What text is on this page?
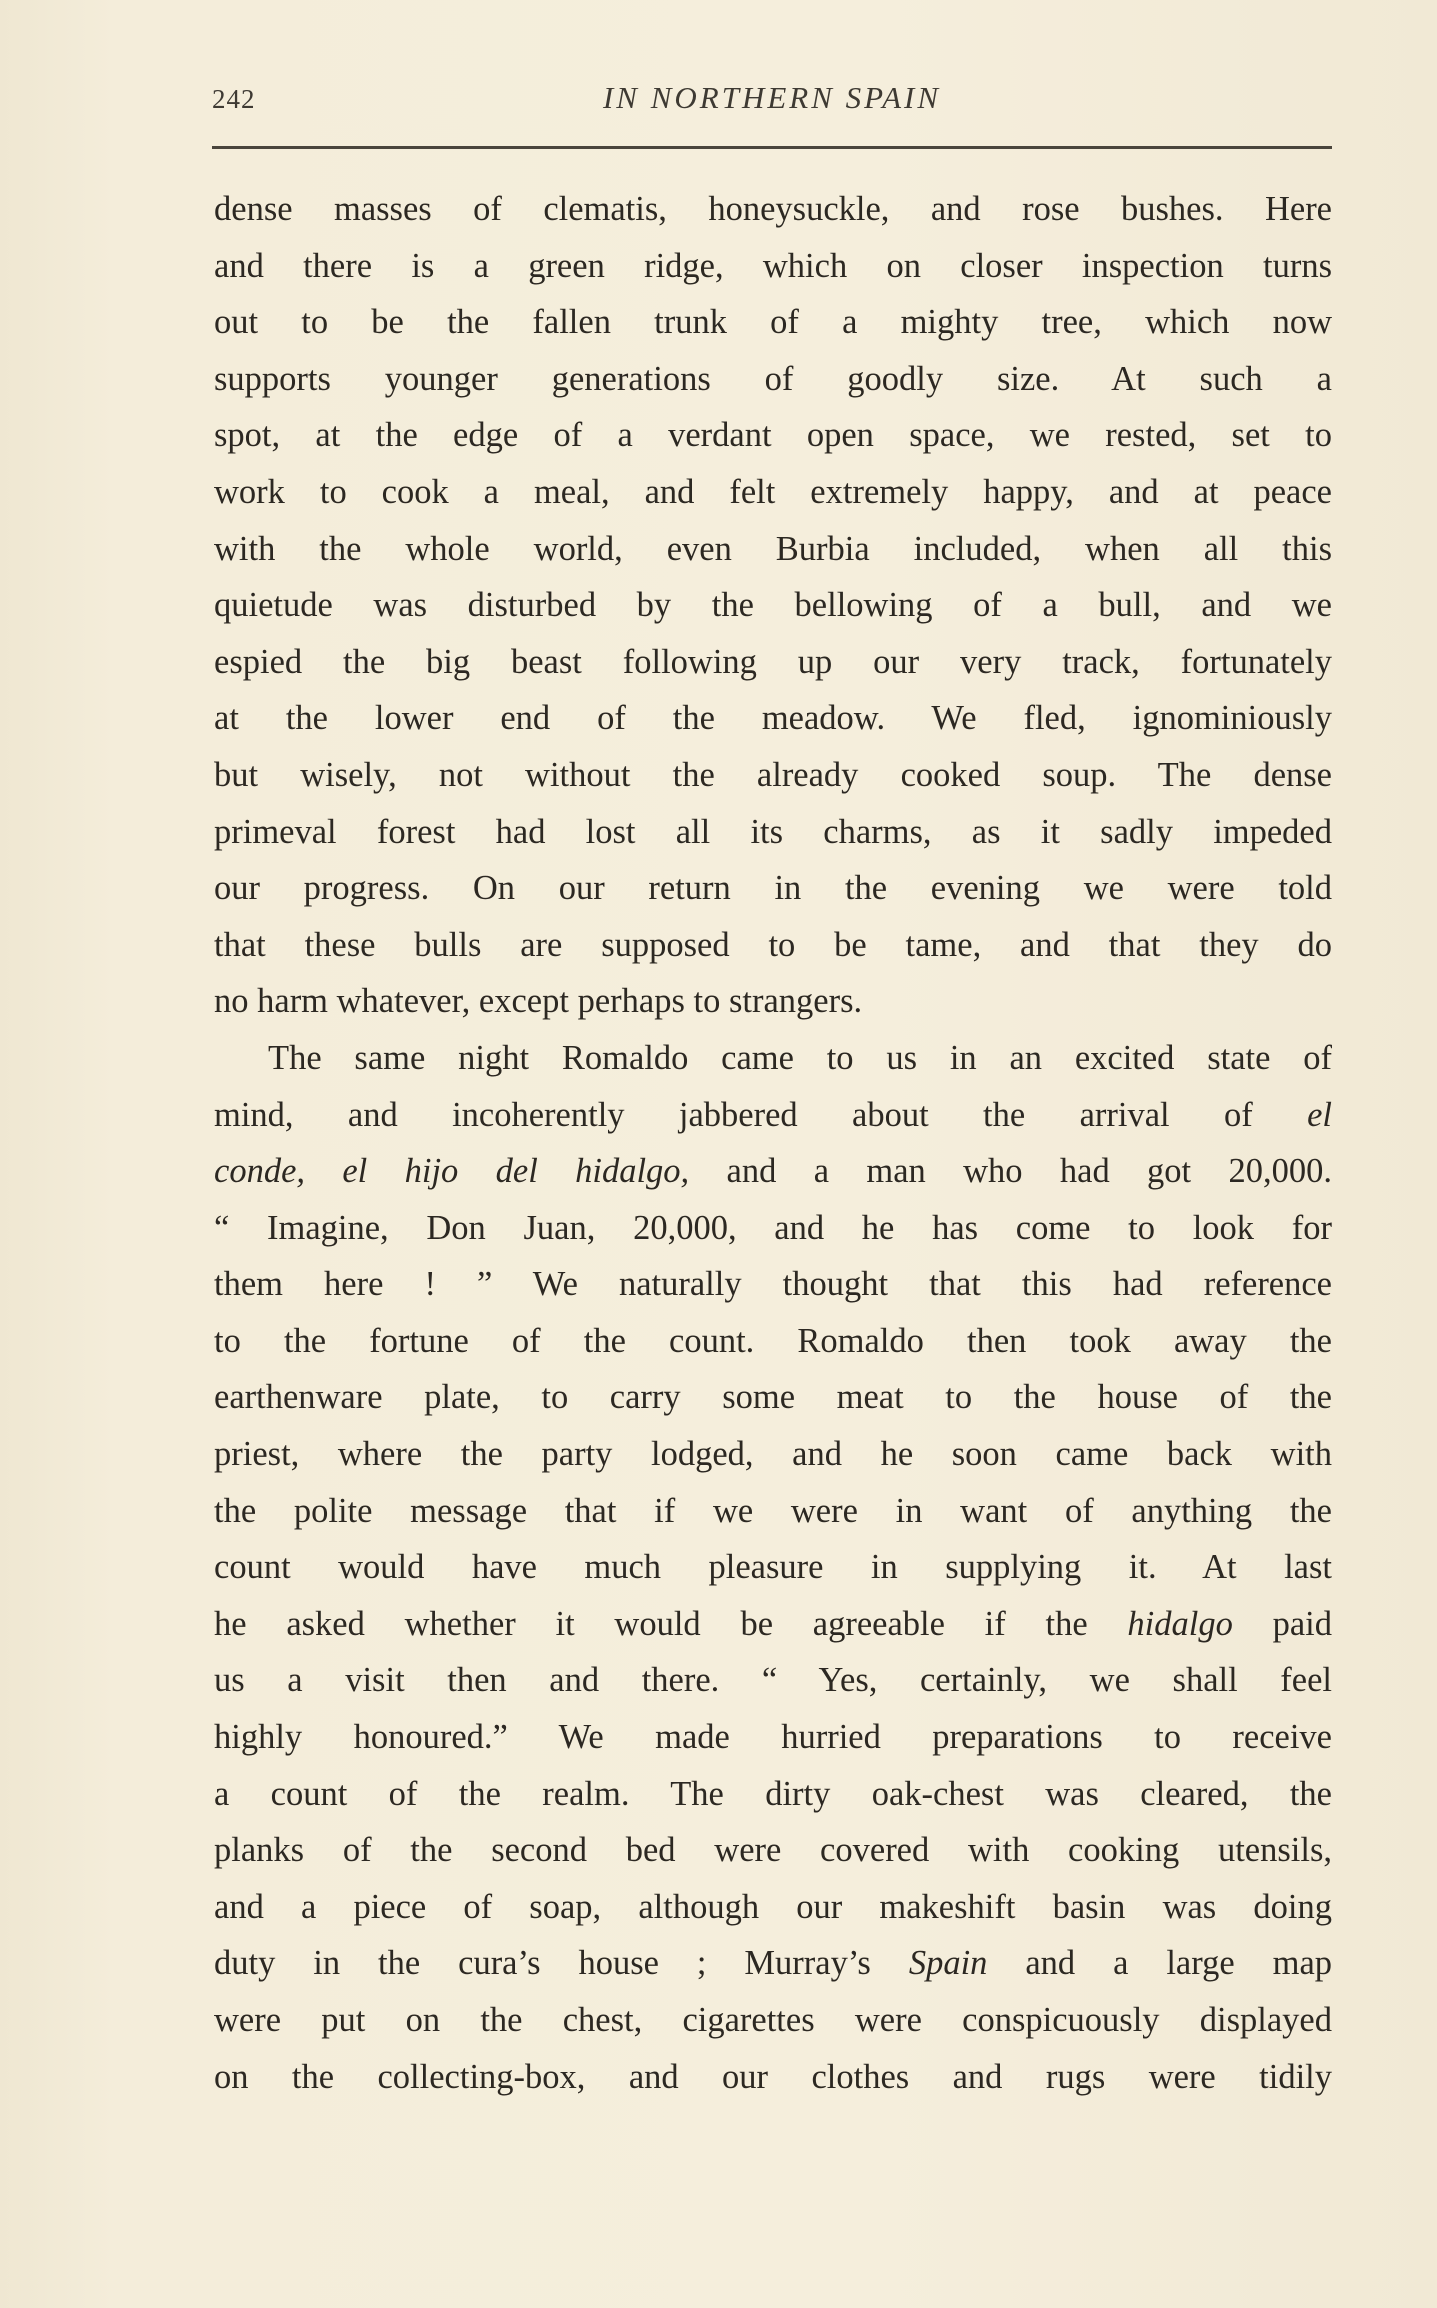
242	IN NORTHERN SPAIN
dense masses of clematis, honeysuckle, and rose bushes. Here
and there is a green ridge, which on closer inspection turns
out to be the fallen trunk of a mighty tree, which now
supports younger generations of goodly size. At such a
spot, at the edge of a verdant open space, we rested, set to
work to cook a meal, and felt extremely happy, and at peace
with the whole world, even Burbia included, when all this
quietude was disturbed by the bellowing of a bull, and we
espied the big beast following up our very track, fortunately
at the lower end of the meadow. We fled, ignominiously
but wisely, not without the already cooked soup. The dense
primeval forest had lost all its charms, as it sadly impeded
our progress. On our return in the evening we were told
that these bulls are supposed to be tame, and that they do
no harm whatever, except perhaps to strangers.
The same night Romaldo came to us in an excited state of
mind, and incoherently jabbered about the arrival of el
conde, el hijo del hidalgo, and a man who had got 20,000.
“ Imagine, Don Juan, 20,000, and he has come to look for
them here ! ” We naturally thought that this had reference
to the fortune of the count. Romaldo then took away the
earthenware plate, to carry some meat to the house of the
priest, where the party lodged, and he soon came back with
the polite message that if we were in want of anything the
count would have much pleasure in supplying it. At last
he asked whether it would be agreeable if the hidalgo paid
us a visit then and there. “ Yes, certainly, we shall feel
highly honoured.” We made hurried preparations to receive
a count of the realm. The dirty oak-chest was cleared, the
planks of the second bed were covered with cooking utensils,
and a piece of soap, although our makeshift basin was doing
duty in the cura’s house ; Murray’s Spain and a large map
were put on the chest, cigarettes were conspicuously displayed
on the collecting-box, and our clothes and rugs were tidily
